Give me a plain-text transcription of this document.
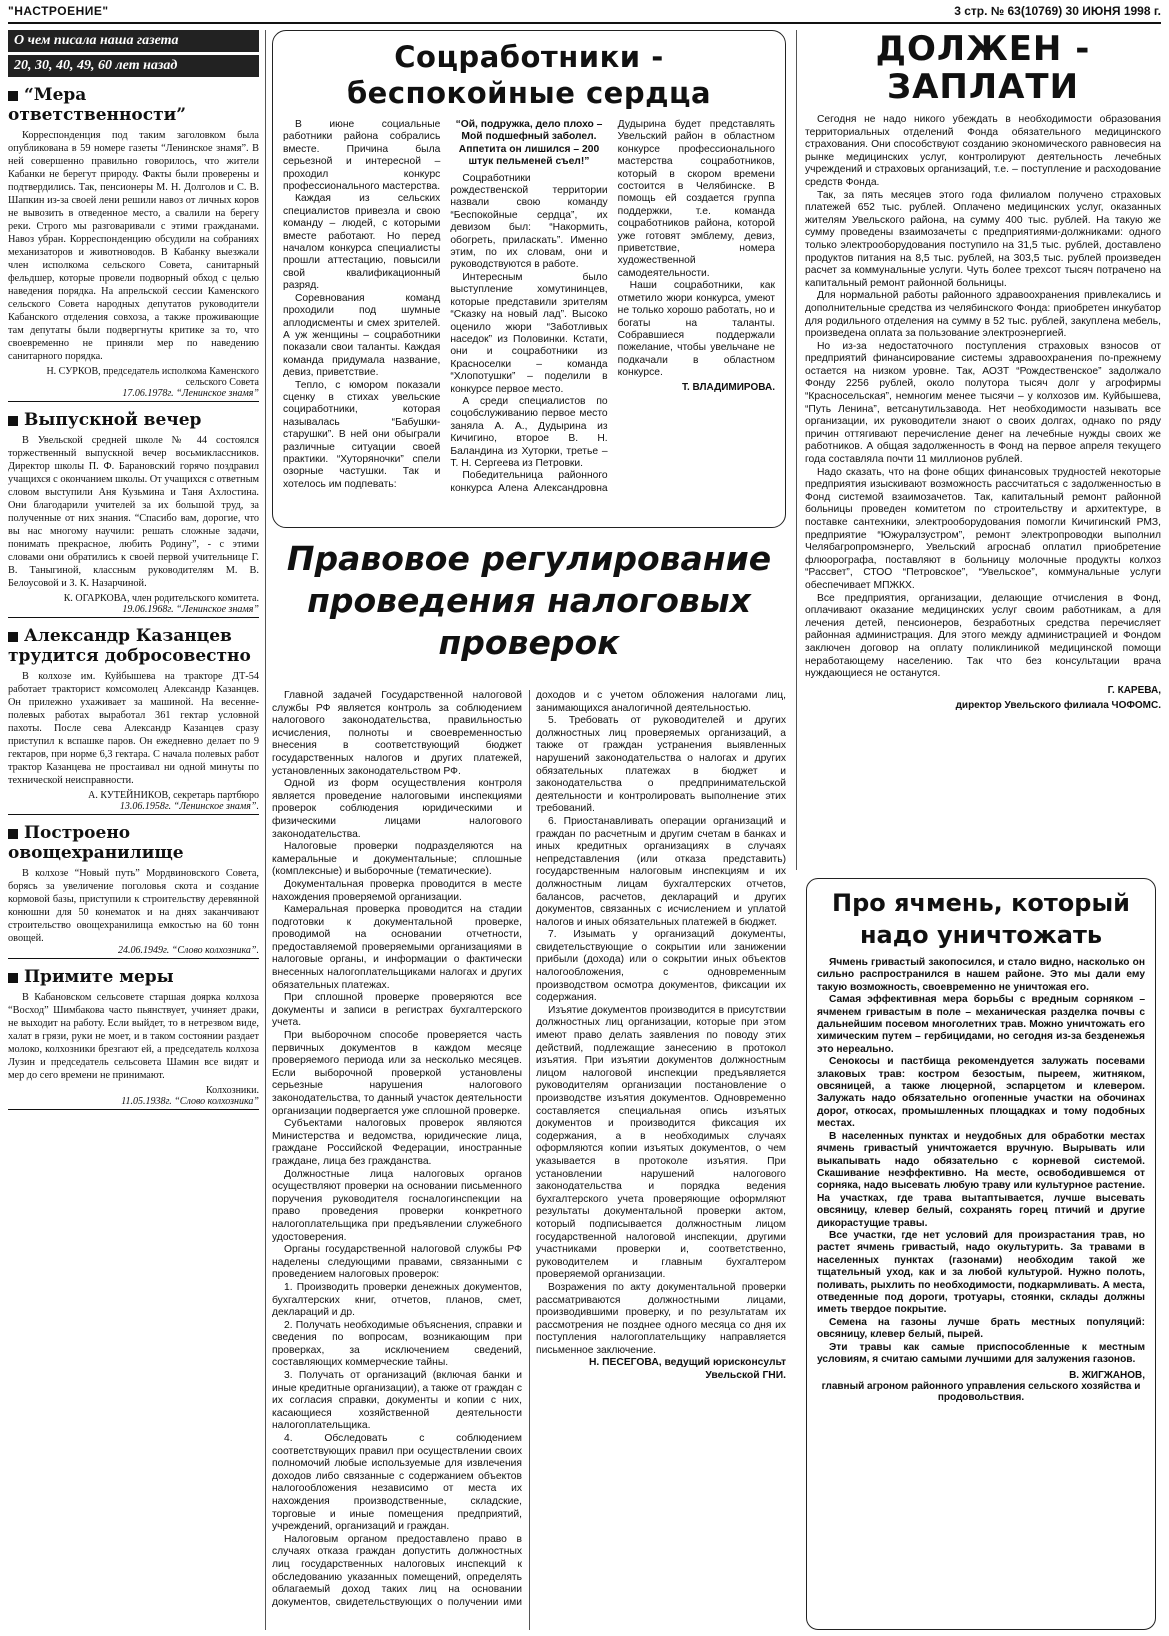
"НАСТРОЕНИЕ"	3 стр. № 63(10769) 30 ИЮНЯ 1998 г.
О чем писала наша газета
20, 30, 40, 49, 60 лет назад
“Мера ответственности”

Корреспонденция под таким заголовком была опубликована в 59 номере газеты “Ленинское знамя”. В ней совершенно правильно говорилось, что жители Кабанки не берегут природу. Факты были проверены и подтвердились. Так, пенсионеры М. Н. Долголов и С. В. Шапкин из-за своей лени решили навоз от личных коров не вывозить в отведенное место, а свалили на берегу реки. Строго мы разговаривали с этими гражданами. Навоз убран. Корреспонденцию обсудили на собраниях механизаторов и животноводов. В Кабанку выезжали член исполкома сельского Совета, санитарный фельдшер, которые провели подворный обход с целью наведения порядка. На апрельской сессии Каменского сельского Совета народных депутатов руководители Кабанского отделения совхоза, а также проживающие там депутаты были подвергнуты критике за то, что своевременно не приняли мер по наведению санитарного порядка.

Н. СУРКОВ, председатель исполкома Каменского сельского Совета

17.06.1978г. “Ленинское знамя”

Выпускной вечер

В Увельской средней школе № 44 состоялся торжественный выпускной вечер восьмиклассников. Директор школы П. Ф. Барановский горячо поздравил учащихся с окончанием школы. От учащихся с ответным словом выступили Аня Кузьмина и Таня Ахлостина. Они благодарили учителей за их большой труд, за полученные от них знания. “Спасибо вам, дорогие, что вы нас многому научили: решать сложные задачи, понимать прекрасное, любить Родину”, - с этими словами они обратились к своей первой учительнице Г. В. Таныгиной, классным руководителям М. В. Белоусовой и З. К. Назарчиной.

К. ОГАРКОВА, член родительского комитета.

19.06.1968г. “Ленинское знамя”

Александр Казанцев трудится добросовестно

В колхозе им. Куйбышева на тракторе ДТ-54 работает тракторист комсомолец Александр Казанцев. Он прилежно ухаживает за машиной. На весенне-полевых работах выработал 361 гектар условной пахоты. После сева Александр Казанцев сразу приступил к вспашке паров. Он ежедневно делает по 9 гектаров, при норме 6,3 гектара. С начала полевых работ трактор Казанцева не простаивал ни одной минуты по технической неисправности.

А. КУТЕЙНИКОВ, секретарь партбюро

13.06.1958г. “Ленинское знамя”.

Построено овощехранилище

В колхозе “Новый путь” Мордвиновского Совета, борясь за увеличение поголовья скота и создание кормовой базы, приступили к строительству деревянной конюшни для 50 конематок и на днях заканчивают строительство овощехранилища емкостью на 60 тонн овощей.

24.06.1949г. “Слово колхозника”.

Примите меры

В Кабановском сельсовете старшая доярка колхоза “Восход” Шимбакова часто пьянствует, учиняет драки, не выходит на работу. Если выйдет, то в нетрезвом виде, халат в грязи, руки не моет, и в таком состоянии раздает молоко, колхозники брезгают ей, а председатель колхоза Лузин и председатель сельсовета Шамин все видят и мер до сего времени не принимают.

Колхозники.

11.05.1938г. “Слово колхозника”

Соцработники - беспокойные сердца

В июне социальные работники района собрались вместе. Причина была серьезной и интересной – проходил конкурс профессионального мастерства.

Каждая из сельских специалистов привезла и свою команду – людей, с которыми вместе работают. Но перед началом конкурса специалисты прошли аттестацию, повысили свой квалификационный разряд.

Соревнования команд проходили под шумные аплодисменты и смех зрителей. А уж женщины – соцработники показали свои таланты. Каждая команда придумала название, девиз, приветствие.

Тепло, с юмором показали сценку в стихах увельские социработники, которая называлась “Бабушки-старушки”. В ней они обыграли различные ситуации своей практики. “Хуторяночки” спели озорные частушки. Так и хотелось им подпевать:

“Ой, подружка, дело плохо – Мой подшефный заболел. Аппетита он лишился – 200 штук пельменей съел!”

Соцработники рождественской территории назвали свою команду “Беспокойные сердца”, их девизом был: “Накормить, обогреть, приласкать”. Именно этим, по их словам, они и руководствуются в работе.

Интересным было выступление хомутининцев, которые представили зрителям “Сказку на новый лад”. Высоко оценило жюри “Заботливых наседок” из Половинки. Кстати, они и соцработники из Красноселки – команда “Хлопотушки” – поделили в конкурсе первое место.

А среди специалистов по соцобслуживанию первое место заняла А. А., Дудырина из Кичигино, второе В. Н. Баландина из Хуторки, третье – Т. Н. Сергеева из Петровки.

Победительница районного конкурса Алена Александровна Дудырина будет представлять Увельский район в областном конкурсе профессионального мастерства соцработников, который в скором времени состоится в Челябинске. В помощь ей создается группа поддержки, т.е. команда соцработников района, которой уже готовят эмблему, девиз, приветствие, номера художественной самодеятельности.

Наши соцработники, как отметило жюри конкурса, умеют не только хорошо работать, но и богаты на таланты. Собравшиеся поддержали пожелание, чтобы увельчане не подкачали в областном конкурсе.

Т. ВЛАДИМИРОВА.

Правовое регулирование проведения налоговых проверок

Главной задачей Государственной налоговой службы РФ является контроль за соблюдением налогового законодательства, правильностью исчисления, полноты и своевременностью внесения в соответствующий бюджет государственных налогов и других платежей, установленных законодательством РФ.

Одной из форм осуществления контроля является проведение налоговыми инспекциями проверок соблюдения юридическими и физическими лицами налогового законодательства.

Налоговые проверки подразделяются на камеральные и документальные; сплошные (комплексные) и выборочные (тематические).

Документальная проверка проводится в месте нахождения проверяемой организации.

Камеральная проверка проводится на стадии подготовки к документальной проверке, проводимой на основании отчетности, предоставляемой проверяемыми организациями в налоговые органы, и информации о фактически внесенных налогоплательщиками налогах и других обязательных платежах.

При сплошной проверке проверяются все документы и записи в регистрах бухгалтерского учета.

При выборочном способе проверяется часть первичных документов в каждом месяце проверяемого периода или за несколько месяцев. Если выборочной проверкой установлены серьезные нарушения налогового законодательства, то данный участок деятельности организации подвергается уже сплошной проверке.

Субъектами налоговых проверок являются Министерства и ведомства, юридические лица, граждане Российской Федерации, иностранные граждане, лица без гражданства.

Должностные лица налоговых органов осуществляют проверки на основании письменного поручения руководителя госналогинспекции на право проведения проверки конкретного налогоплательщика при предъявлении служебного удостоверения.

Органы государственной налоговой службы РФ наделены следующими правами, связанными с проведением налоговых проверок:

1. Производить проверки денежных документов, бухгалтерских книг, отчетов, планов, смет, деклараций и др.

2. Получать необходимые объяснения, справки и сведения по вопросам, возникающим при проверках, за исключением сведений, составляющих коммерческие тайны.

3. Получать от организаций (включая банки и иные кредитные организации), а также от граждан с их согласия справки, документы и копии с них, касающиеся хозяйственной деятельности налогоплательщика.

4. Обследовать с соблюдением соответствующих правил при осуществлении своих полномочий любые используемые для извлечения доходов либо связанные с содержанием объектов налогообложения независимо от места их нахождения производственные, складские, торговые и иные помещения предприятий, учреждений, организаций и граждан.

Налоговым органом предоставлено право в случаях отказа граждан допустить должностных лиц государственных налоговых инспекций к обследованию указанных помещений, определять облагаемый доход таких лиц на основании документов, свидетельствующих о получении ими доходов и с учетом обложения налогами лиц, занимающихся аналогичной деятельностью.

5. Требовать от руководителей и других должностных лиц проверяемых организаций, а также от граждан устранения выявленных нарушений законодательства о налогах и других обязательных платежах в бюджет и законодательства о предпринимательской деятельности и контролировать выполнение этих требований.

6. Приостанавливать операции организаций и граждан по расчетным и другим счетам в банках и иных кредитных организациях в случаях непредставления (или отказа представить) государственным налоговым инспекциям и их должностным лицам бухгалтерских отчетов, балансов, расчетов, деклараций и других документов, связанных с исчислением и уплатой налогов и иных обязательных платежей в бюджет.

7. Изымать у организаций документы, свидетельствующие о сокрытии или занижении прибыли (дохода) или о сокрытии иных объектов налогообложения, с одновременным производством осмотра документов, фиксации их содержания.

Изъятие документов производится в присутствии должностных лиц организации, которые при этом имеют право делать заявления по поводу этих действий, подлежащие занесению в протокол изъятия. При изъятии документов должностным лицом налоговой инспекции предъявляется руководителям организации постановление о производстве изъятия документов. Одновременно составляется специальная опись изъятых документов и производится фиксация их содержания, а в необходимых случаях оформляются копии изъятых документов, о чем указывается в протоколе изъятия. При установлении нарушений налогового законодательства и порядка ведения бухгалтерского учета проверяющие оформляют результаты документальной проверки актом, который подписывается должностным лицом государственной налоговой инспекции, другими участниками проверки и, соответственно, руководителем и главным бухгалтером проверяемой организации.

Возражения по акту документальной проверки рассматриваются должностными лицами, производившими проверку, и по результатам их рассмотрения не позднее одного месяца со дня их поступления налогоплательщику направляется письменное заключение.

Н. ПЕСЕГОВА, ведущий юрисконсульт Увельской ГНИ.

ДОЛЖЕН - ЗАПЛАТИ

Сегодня не надо никого убеждать в необходимости образования территориальных отделений Фонда обязательного медицинского страхования. Они способствуют созданию экономического равновесия на рынке медицинских услуг, контролируют деятельность лечебных учреждений и страховых организаций, т.е. – поступление и расходование средств Фонда.

Так, за пять месяцев этого года филиалом получено страховых платежей 652 тыс. рублей. Оплачено медицинских услуг, оказанных жителям Увельского района, на сумму 400 тыс. рублей. На такую же сумму проведены взаимозачеты с предприятиями-должниками: одного только электрооборудования поступило на 31,5 тыс. рублей, доставлено продуктов питания на 8,5 тыс. рублей, на 303,5 тыс. рублей произведен расчет за коммунальные услуги. Чуть более трехсот тысяч потрачено на капитальный ремонт районной больницы.

Для нормальной работы районного здравоохранения привлекались и дополнительные средства из челябинского Фонда: приобретен инкубатор для родильного отделения на сумму в 52 тыс. рублей, закуплена мебель, произведена оплата за пользование электроэнергией.

Но из-за недостаточного поступления страховых взносов от предприятий финансирование системы здравоохранения по-прежнему остается на низком уровне. Так, АОЗТ “Рождественское” задолжало Фонду 2256 рублей, около полутора тысяч долг у агрофирмы “Красносельская”, немногим менее тысячи – у колхозов им. Куйбышева, “Путь Ленина”, ветсанутильзавода. Нет необходимости называть все организации, их руководители знают о своих долгах, однако по ряду причин оттягивают перечисление денег на лечебные нужды своих же работников. А общая задолженность в Фонд на первое апреля текущего года составляла почти 11 миллионов рублей.

Надо сказать, что на фоне общих финансовых трудностей некоторые предприятия изыскивают возможность рассчитаться с задолженностью в Фонд системой взаимозачетов. Так, капитальный ремонт районной больницы проведен комитетом по строительству и архитектуре, в поставке сантехники, электрооборудования помогли Кичигинский РМЗ, предприятие “Южуралзустром”, ремонт электропроводки выполнил Челябагропромэнерго, Увельский агроснаб оплатил приобретение флюорографа, поставляют в больницу молочные продукты колхоз “Рассвет”, СТОО “Петровское”, “Увельское”, коммунальные услуги обеспечивает МПЖКХ.

Все предприятия, организации, делающие отчисления в Фонд, оплачивают оказание медицинских услуг своим работникам, а для лечения детей, пенсионеров, безработных средства перечисляет районная администрация. Для этого между администрацией и Фондом заключен договор на оплату поликлиникой медицинской помощи неработающему населению. Так что без консультации врача нуждающиеся не останутся.

Г. КАРЕВА,

директор Увельского филиала ЧОФОМС.

Про ячмень, который надо уничтожать

Ячмень гривастый закопосился, и стало видно, насколько он сильно распространился в нашем районе. Это мы дали ему такую возможность, своевременно не уничтожая его.

Самая эффективная мера борьбы с вредным сорняком – ячменем гривастым в поле – механическая разделка почвы с дальнейшим посевом многолетних трав. Можно уничтожать его химическим путем – гербицидами, но сегодня из-за безденежья это нереально.

Сенокосы и пастбища рекомендуется залужать посевами злаковых трав: костром безостым, пыреем, житняком, овсяницей, а также люцерной, эспарцетом и клевером. Залужать надо обязательно огопенные участки на обочинах дорог, откосах, промышленных площадках и тому подобных местах.

В населенных пунктах и неудобных для обработки местах ячмень гривастый уничтожается вручную. Вырывать или выкапывать надо обязательно с корневой системой. Скашивание неэффективно. На месте, освободившемся от сорняка, надо высевать любую траву или культурное растение. На участках, где трава вытаптывается, лучше высевать овсяницу, клевер белый, сохранять горец птичий и другие дикорастущие травы.

Все участки, где нет условий для произрастания трав, но растет ячмень гривастый, надо окультурить. За травами в населенных пунктах (газонами) необходим такой же тщательный уход, как и за любой культурой. Нужно полоть, поливать, рыхлить по необходимости, подкармливать. А места, отведенные под дороги, тротуары, стоянки, склады должны иметь твердое покрытие.

Семена на газоны лучше брать местных популяций: овсяницу, клевер белый, пырей.

Эти травы как самые приспособленные к местным условиям, я считаю самыми лучшими для залужения газонов.

В. ЖИГЖАНОВ,

главный агроном районного управления сельского хозяйства и продовольствия.
